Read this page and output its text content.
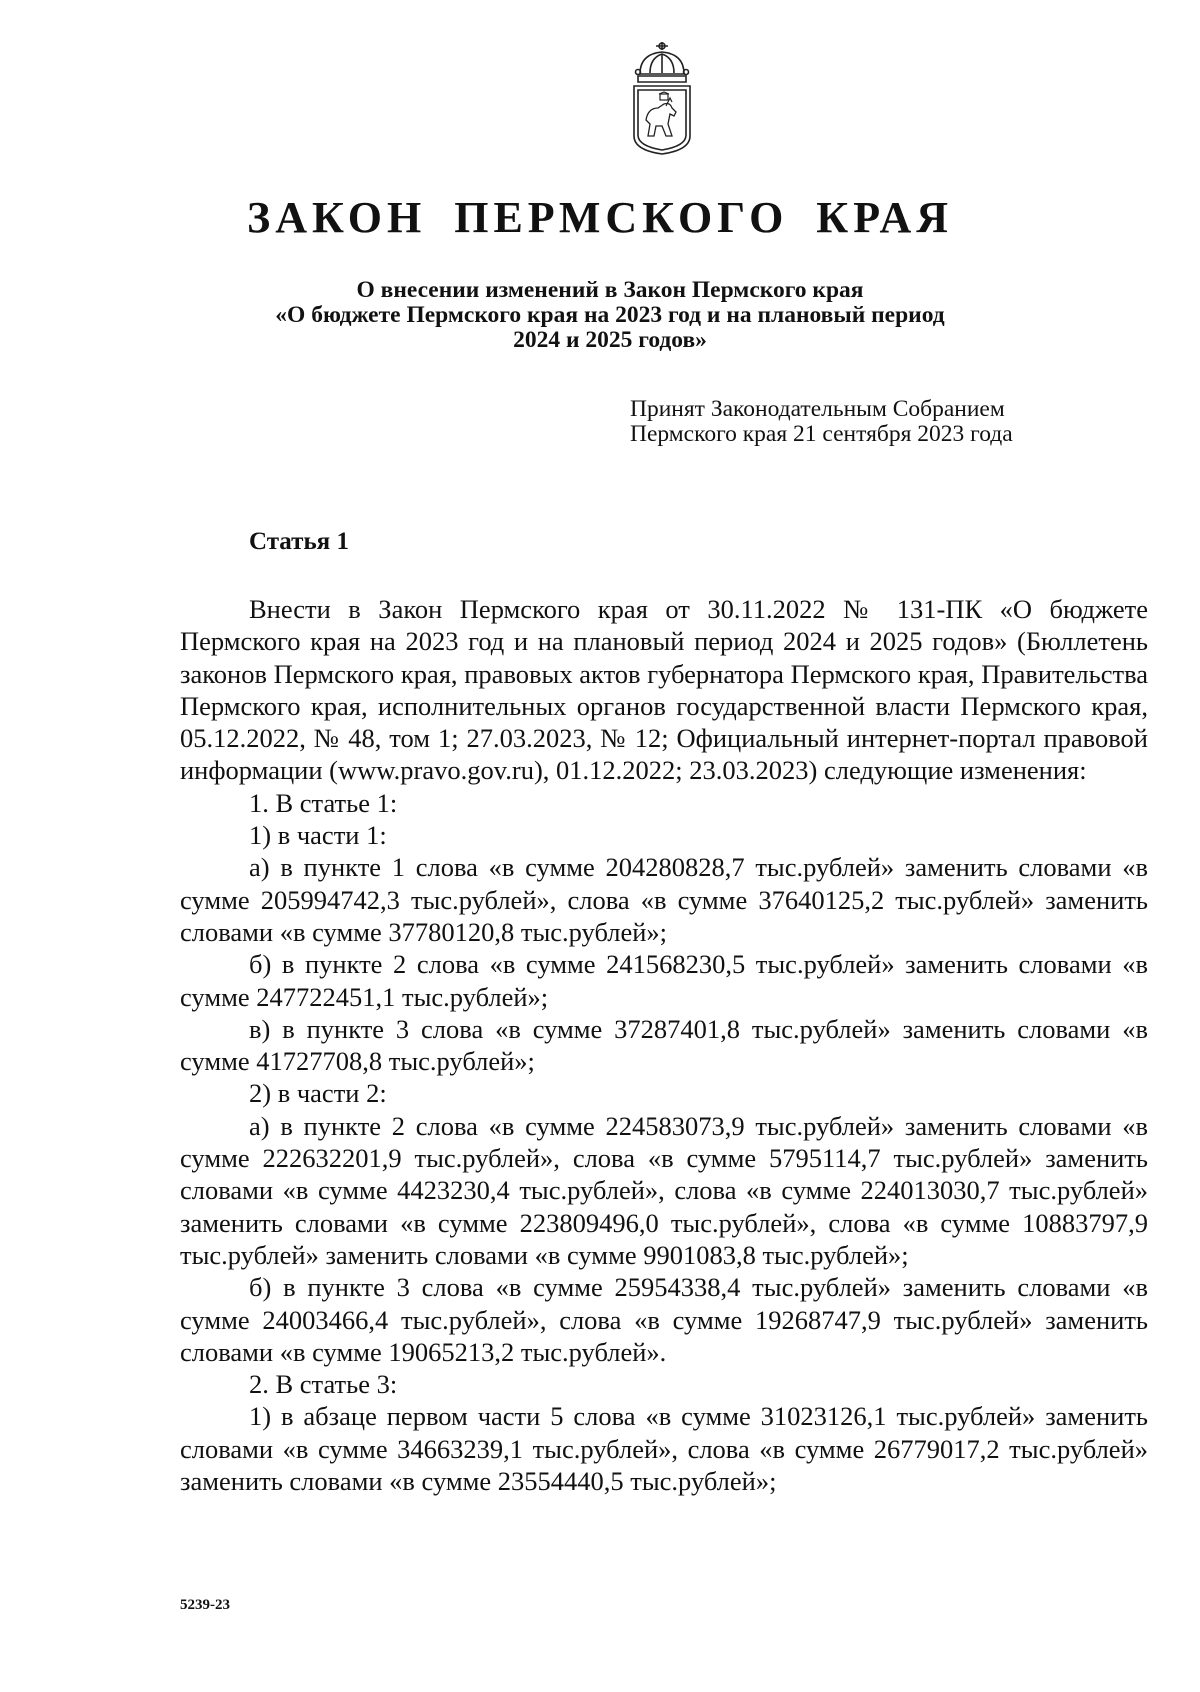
ЗАКОН ПЕРМСКОГО КРАЯ
О внесении изменений в Закон Пермского края
«О бюджете Пермского края на 2023 год и на плановый период
2024 и 2025 годов»
Принят Законодательным Собранием
Пермского края 21 сентября 2023 года
Статья 1

Внести в Закон Пермского края от 30.11.2022 № 131-ПК «О бюджете Пермского края на 2023 год и на плановый период 2024 и 2025 годов» (Бюллетень законов Пермского края, правовых актов губернатора Пермского края, Правительства Пермского края, исполнительных органов государственной власти Пермского края, 05.12.2022, № 48, том 1; 27.03.2023, № 12; Официальный интернет-портал правовой информации (www.pravo.gov.ru), 01.12.2022; 23.03.2023) следующие изменения:

1. В статье 1:

1) в части 1:

а) в пункте 1 слова «в сумме 204280828,7 тыс.рублей» заменить словами «в сумме 205994742,3 тыс.рублей», слова «в сумме 37640125,2 тыс.рублей» заменить словами «в сумме 37780120,8 тыс.рублей»;

б) в пункте 2 слова «в сумме 241568230,5 тыс.рублей» заменить словами «в сумме 247722451,1 тыс.рублей»;

в) в пункте 3 слова «в сумме 37287401,8 тыс.рублей» заменить словами «в сумме 41727708,8 тыс.рублей»;

2) в части 2:

а) в пункте 2 слова «в сумме 224583073,9 тыс.рублей» заменить словами «в сумме 222632201,9 тыс.рублей», слова «в сумме 5795114,7 тыс.рублей» заменить словами «в сумме 4423230,4 тыс.рублей», слова «в сумме 224013030,7 тыс.рублей» заменить словами «в сумме 223809496,0 тыс.рублей», слова «в сумме 10883797,9 тыс.рублей» заменить словами «в сумме 9901083,8 тыс.рублей»;

б) в пункте 3 слова «в сумме 25954338,4 тыс.рублей» заменить словами «в сумме 24003466,4 тыс.рублей», слова «в сумме 19268747,9 тыс.рублей» заменить словами «в сумме 19065213,2 тыс.рублей».

2. В статье 3:

1) в абзаце первом части 5 слова «в сумме 31023126,1 тыс.рублей» заменить словами «в сумме 34663239,1 тыс.рублей», слова «в сумме 26779017,2 тыс.рублей» заменить словами «в сумме 23554440,5 тыс.рублей»;

5239-23
